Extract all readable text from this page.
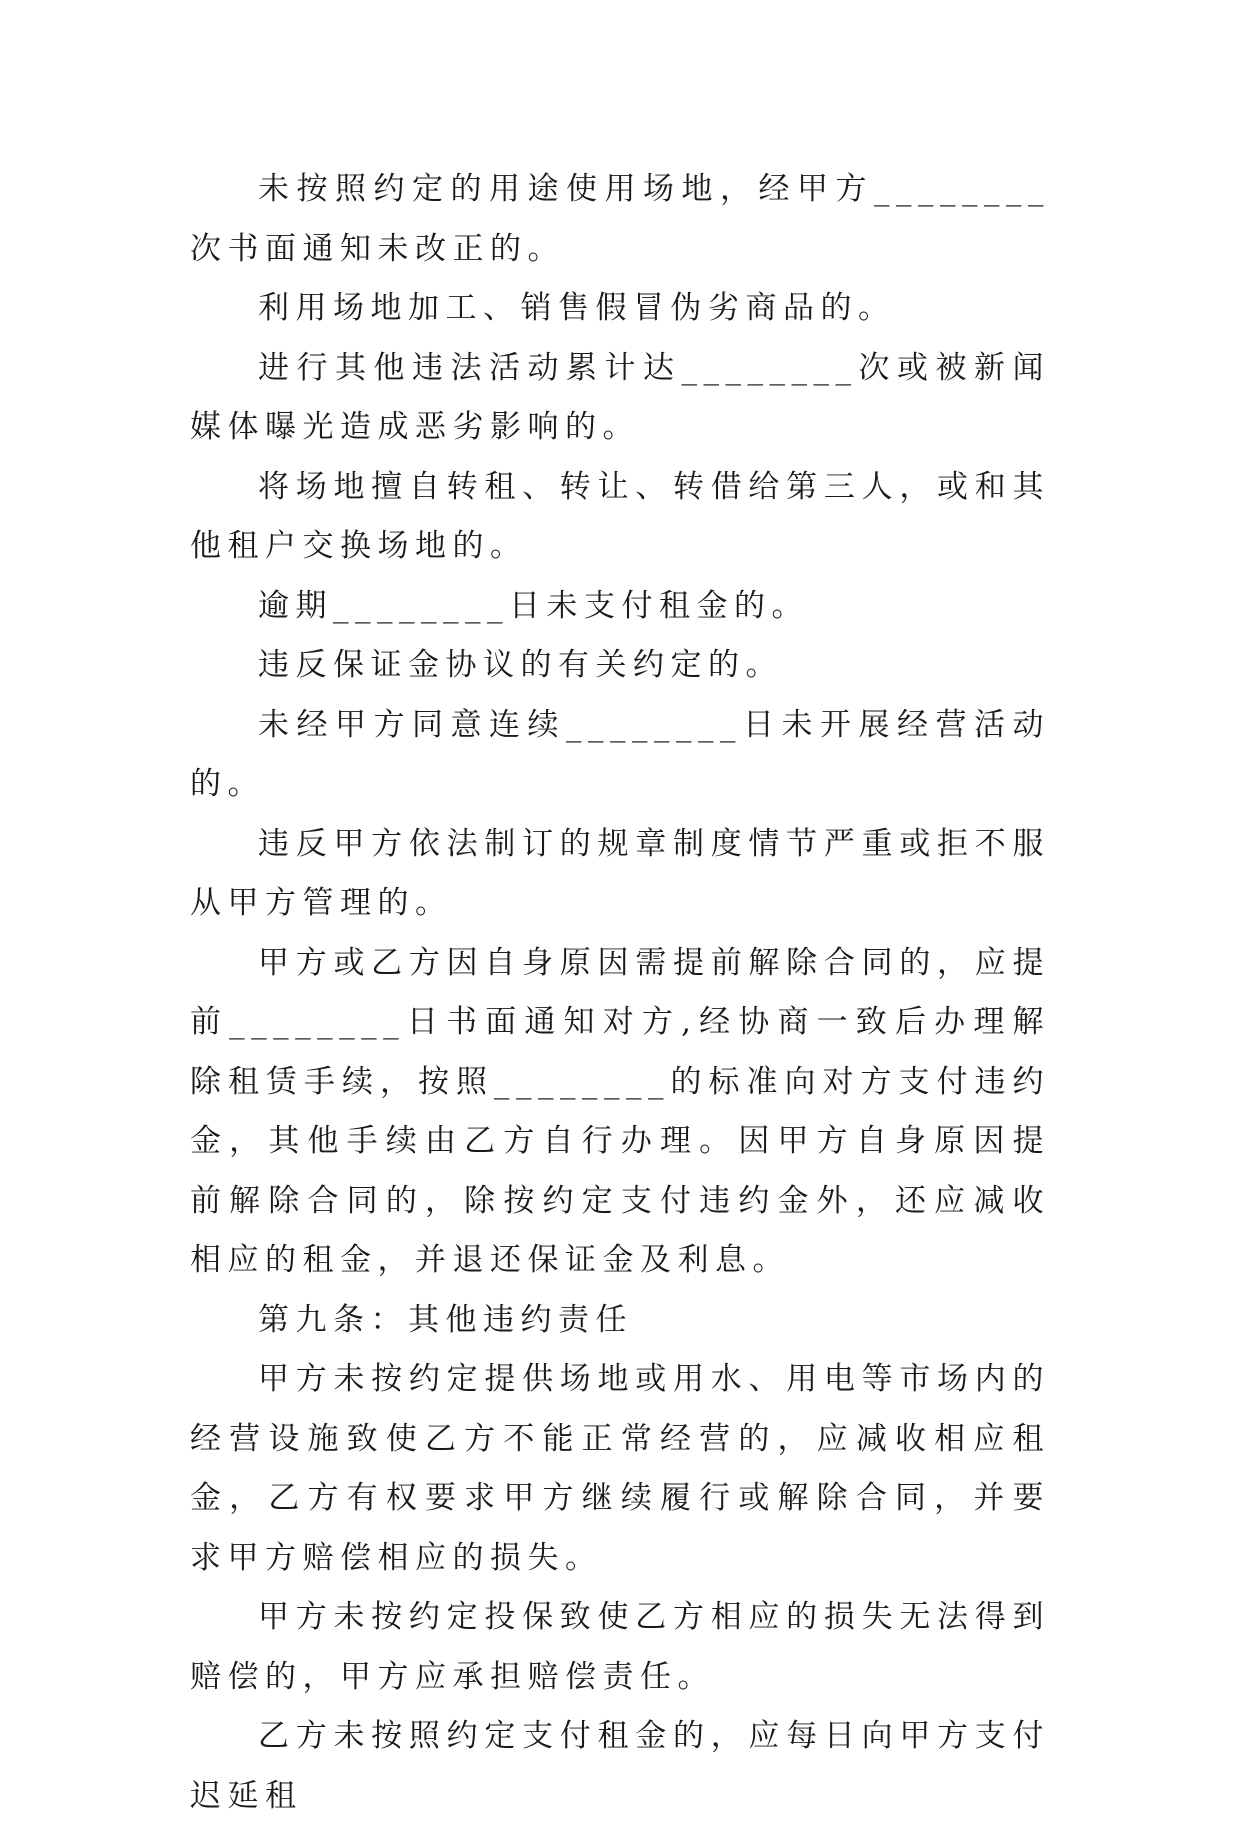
未按照约定的用途使用场地，经甲方________次书面通知未改正的。

利用场地加工、销售假冒伪劣商品的。

进行其他违法活动累计达________次或被新闻媒体曝光造成恶劣影响的。

将场地擅自转租、转让、转借给第三人，或和其他租户交换场地的。

逾期________日未支付租金的。

违反保证金协议的有关约定的。

未经甲方同意连续________日未开展经营活动的。

违反甲方依法制订的规章制度情节严重或拒不服从甲方管理的。

甲方或乙方因自身原因需提前解除合同的，应提前________日书面通知对方,经协商一致后办理解除租赁手续，按照________的标准向对方支付违约金，其他手续由乙方自行办理。因甲方自身原因提前解除合同的，除按约定支付违约金外，还应减收相应的租金，并退还保证金及利息。

第九条：其他违约责任

甲方未按约定提供场地或用水、用电等市场内的经营设施致使乙方不能正常经营的，应减收相应租金，乙方有权要求甲方继续履行或解除合同，并要求甲方赔偿相应的损失。

甲方未按约定投保致使乙方相应的损失无法得到赔偿的，甲方应承担赔偿责任。

乙方未按照约定支付租金的，应每日向甲方支付迟延租
